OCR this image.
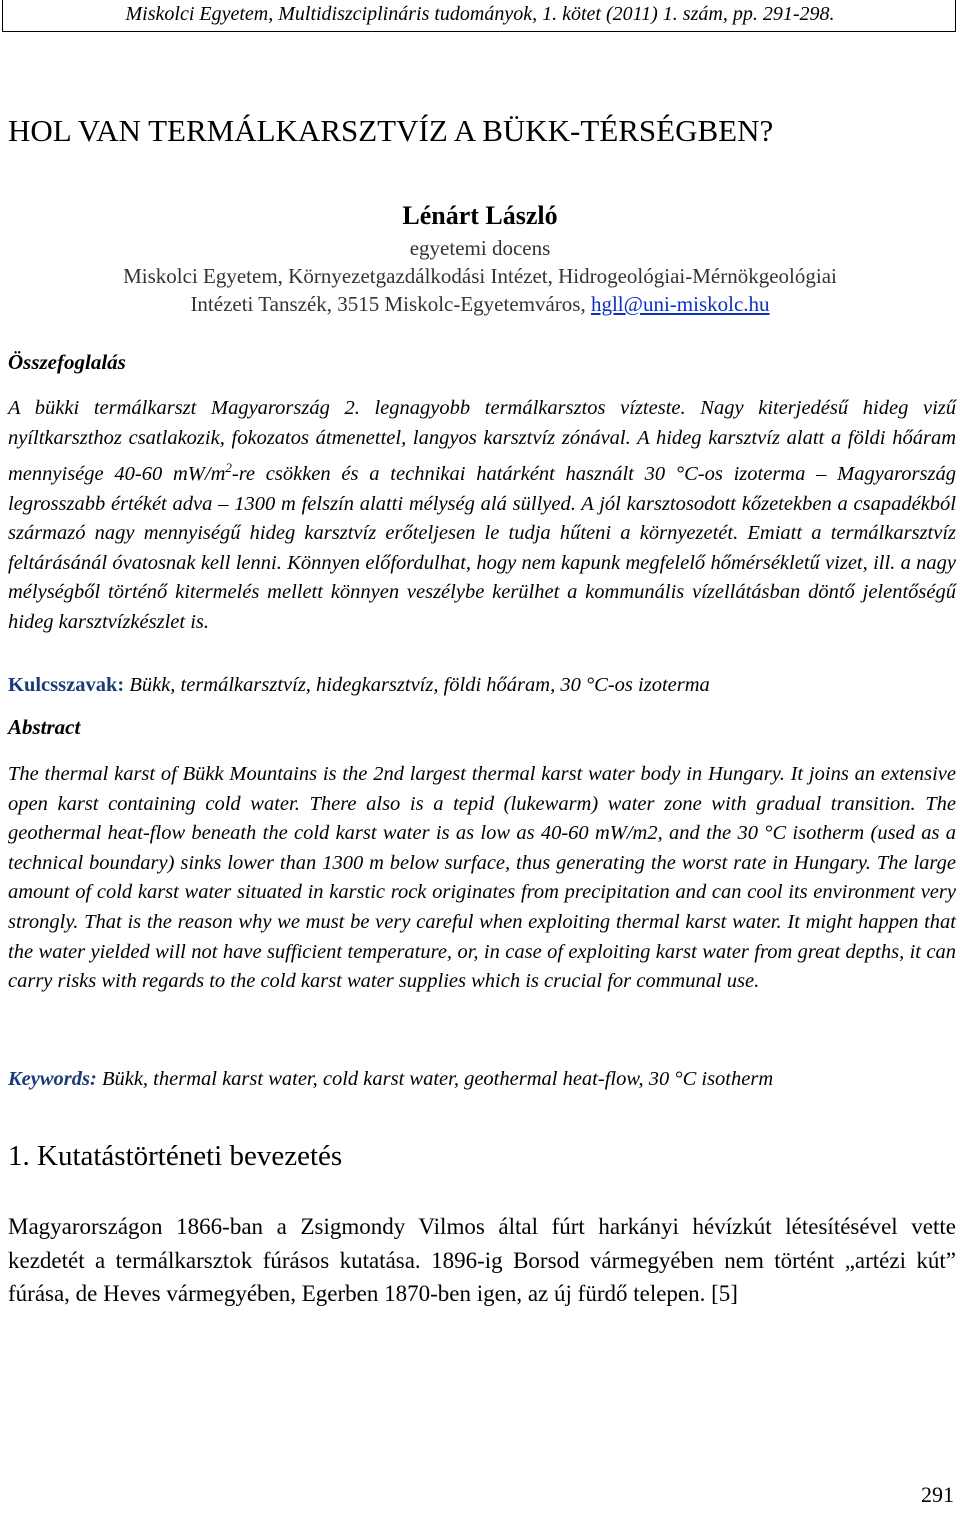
Miskolci Egyetem, Multidiszciplináris tudományok, 1. kötet (2011) 1. szám, pp. 291-298.
HOL VAN TERMÁLKARSZTVÍZ A BÜKK-TÉRSÉGBEN?
Lénárt László
egyetemi docens
Miskolci Egyetem, Környezetgazdálkodási Intézet, Hidrogeológiai-Mérnökgeológiai
Intézeti Tanszék, 3515 Miskolc-Egyetemváros, hgll@uni-miskolc.hu
Összefoglalás
A bükki termálkarszt Magyarország 2. legnagyobb termálkarsztos vízteste. Nagy kiterjedésű hideg vizű nyíltkarszthoz csatlakozik, fokozatos átmenettel, langyos karsztvíz zónával. A hideg karsztvíz alatt a földi hőáram mennyisége 40-60 $mW/m^2-re$ csökken és a technikai határként használt 30 °C-os izoterma – Magyarország legrosszabb értékét adva – 1300 m felszín alatti mélység alá süllyed. A jól karsztosodott kőzetekben a csapadékból származó nagy mennyiségű hideg karsztvíz erőteljesen le tudja hűteni a környezetét. Emiatt a termálkarsztvíz feltárásánál óvatosnak kell lenni. Könnyen előfordulhat, hogy nem kapunk megfelelő hőmérsékletű vizet, ill. a nagy mélységből történő kitermelés mellett könnyen veszélybe kerülhet a kommunális vízellátásban döntő jelentőségű hideg karsztvízkészlet is.
Kulcsszavak: Bükk, termálkarsztvíz, hidegkarsztvíz, földi hőáram, 30 °C-os izoterma
Abstract
The thermal karst of Bükk Mountains is the 2nd largest thermal karst water body in Hungary. It joins an extensive open karst containing cold water. There also is a tepid (lukewarm) water zone with gradual transition. The geothermal heat-flow beneath the cold karst water is as low as 40-60 mW/m2, and the 30 °C isotherm (used as a technical boundary) sinks lower than 1300 m below surface, thus generating the worst rate in Hungary. The large amount of cold karst water situated in karstic rock originates from precipitation and can cool its environment very strongly. That is the reason why we must be very careful when exploiting thermal karst water. It might happen that the water yielded will not have sufficient temperature, or, in case of exploiting karst water from great depths, it can carry risks with regards to the cold karst water supplies which is crucial for communal use.
Keywords: Bükk, thermal karst water, cold karst water, geothermal heat-flow, 30 °C isotherm
1. Kutatástörténeti bevezetés
Magyarországon 1866-ban a Zsigmondy Vilmos által fúrt harkányi hévízkút létesítésével vette kezdetét a termálkarsztok fúrásos kutatása. 1896-ig Borsod vármegyében nem történt „artézi kút” fúrása, de Heves vármegyében, Egerben 1870-ben igen, az új fürdő telepen. [5]
291
